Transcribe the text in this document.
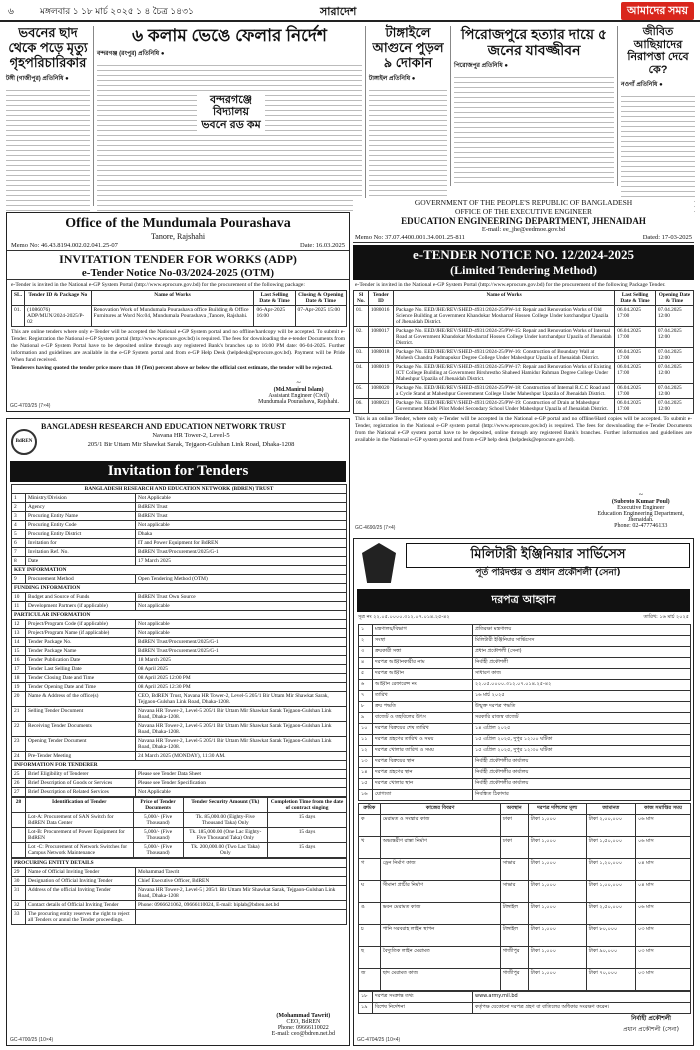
৬	মঙ্গলবার ১ ১৮ মার্চ ২০২৫ ১ ৪ চৈত্র ১৪৩১	সারাদেশ	আমাদের সময়
ভবনের ছাদ থেকে পড়ে মৃত্যু গৃহপরিচারিকার
টঙ্গী (গাজীপুর) প্রতিনিধি ●
৬ কলাম ভেঙে ফেলার নির্দেশ
বন্দরগঞ্জ (রংপুর) প্রতিনিধি ●
বন্দরগঞ্জে বিদ্যালয় ভবনে রড কম
টাঙ্গাইলে আগুনে পুড়ল ৯ দোকান
টাঙ্গাইল প্রতিনিধি ●
পিরোজপুরে হত্যার দায়ে ৫ জনের যাবজ্জীবন
পিরোজপুর প্রতিনিধি ●
জীবিত আছিয়াদের নিরাপত্তা দেবে কে?
নওগাঁ প্রতিনিধি ●
Office of the Mundumala Pourashava
Tanore, Rajshahi
Memo No: 46.43.8194.002.02.041.25-07	Date: 16.03.2025
INVITATION TENDER FOR WORKS (ADP)
e-Tender Notice No-03/2024-2025 (OTM)
e-Tender is invited in the National e-GP System Portal (http://www.eprocure.gov.bd) for the procurement of the following package:
SL.	Tender ID & Package No	Name of Works	Last Selling Date & Time	Closing & Opening Date & Time
01.	(1086076) ADP/MUN/2024-2025/P-02	Renovation Work of Mundumala Pourashava office Building & Office Furnitures at Word No:04, Mundumala Pourashava ,Tanore, Rajshahi.	06-Apr-2025 16:00	07-Apr-2025 15:00
This are online tenders where only e-Tender will be accepted the National e-GP System portal and no offline/hardcopy will be accepted. To submit e-Tender. Registration the National e-GP System portal (http://www.eprocure.gov.bd) is required. The fees for downloading the e-tender Documents from the National e-GP System Portal have to be deposited online through any registered Bank's branches up to 16:00 PM date: 06-04-2025. Further information and guidelines are available in the e-GP System portal and from e-GP Help Desk (helpdesk@eprocure.gov.bd). Payment will be Pride When fund received.
Tenderers having quoted the tender price more than 10 (Ten) percent above or below the official cost estimate, the tender will be rejected.
~
(Md.Manirul Islam)
Assistant Engineer (Civil)
Mundumala Pourashava, Rajshahi.
GC-4703/25 (7×4)
GOVERNMENT OF THE PEOPLE'S REPUBLIC OF BANGLADESH
OFFICE OF THE EXECUTIVE ENGINEER
EDUCATION ENGINEERING DEPARTMENT, JHENAIDAH
E-mail: ee_jhe@eedmoe.gov.bd
Memo No: 37.07.4400.001.34.001.25-811	Dated: 17-03-2025
e-TENDER NOTICE NO. 12/2024-2025
(Limited Tendering Method)
e-Tender is invited in the National e-GP System Portal (http://www.eprocure.gov.bd) for the procurement of the following Package Tender.
Sl No.	Tender ID	Name of Works	Last Selling Date & Time	Opening Date & Time
01.	1080016	Package No. EED/JHE/REV/SHED-4931/2024-25/PW-14: Repair and Renovation Works of Old Science Building at Government Khandokar Mosharraf Hossen College Under kotchandpur Upazila of Jhenaidah District.	06.04.2025 17:00	07.04.2025 12:00
02.	1080017	Package No. EED/JHE/REV/SHED-4931/2024-25/PW-15: Repair and Renovation Works of Internal Road at Government Khandokar Mosharraf Hossen College Under kotchandpur Upazila of Jhenaidah District.	06.04.2025 17:00	07.04.2025 12:00
03.	1080018	Package No. EED/JHE/REV/SHED-4931/2024-25/PW-16: Construction of Boundary Wall at Mohesh Chandra Padmapukur Degree College Under Maheshpur Upazila of Jhenaidah District.	06.04.2025 17:00	07.04.2025 12:00
04.	1080019	Package No. EED/JHE/REV/SHED-4931/2024-25/PW-17: Repair and Renovation Works of Existing ICT College Building at Government Birshrestho Shaheed Hamidur Rahman Degree College Under Maheshpur Upazila of Jhenaidah District.	06.04.2025 17:00	07.04.2025 12:00
05.	1080020	Package No. EED/JHE/REV/SHED-4931/2024-25/PW-18: Construction of Internal R.C.C Road and a Cycle Stand at Maheshpur Government College Under Maheshpur Upazila of Jhenaidah District.	06.04.2025 17:00	07.04.2025 12:00
06.	1080021	Package No. EED/JHE/REV/SHED-4931/2024-25/PW-19: Construction of Drain at Maheshpur Government Model Pilot Model Secondary School Under Maheshpur Upazila of Jhenaidah District.	06.04.2025 17:00	07.04.2025 12:00
This is an online Tender, where only e-Tender will be accepted in the National e-GP portal and no offline/Hard copies will be accepted. To submit e-Tender, registration in the National e-GP system portal (http://www.eprocure.gov.bd) is required. The fees for downloading the e-Tender Documents from the National e-GP system portal have to be deposited, online through any registered Bank's branches. Further information and guidelines are available in the National e-GP system portal and from e-GP help desk (helpdesk@eprocure.gov.bd).
~
(Subroto Kumar Poul)
Executive Engineer
Education Engineering Department,
Jhenaidah.
Phone: 02-477746133
GC-4690/25 (7×4)
BdREN
BANGLADESH RESEARCH AND EDUCATION NETWORK TRUST
Navana HR Tower-2, Level-5
205/1 Bir Uttam Mir Shawkat Sarak, Tejgaon-Gulshan Link Road, Dhaka-1208
Invitation for Tenders
BANGLADESH RESEARCH AND EDUCATION NETWORK (BDREN) TRUST		
1	Ministry/Division	Not Applicable
2	Agency	BdREN Trust
3	Procuring Entity Name	BdREN Trust
4	Procuring Entity Code	Not applicable
5	Procuring Entity District	Dhaka
6	Invitation for	IT and Power Equipment for BdREN
7	Invitation Ref. No.	BdREN Trust/Procurement/2025/G-1
8	Date	17 March 2025
KEY INFORMATION		
9	Procurement Method	Open Tendering Method (OTM)
FUNDING INFORMATION		
10	Budget and Source of Funds	BdREN Trust Own Source
11	Development Partners (if applicable)	Not applicable
PARTICULAR INFORMATION		
12	Project/Program Code (if applicable)	Not applicable
13	Project/Program Name (if applicable)	Not applicable
14	Tender Package No.	BdREN Trust/Procurement/2025/G-1
15	Tender Package Name	BdREN Trust/Procurement/2025/G-1
16	Tender Publication Date	18 March 2025
17	Tender Last Selling Date	08 April 2025
18	Tender Closing Date and Time	08 April 2025 12:00 PM
19	Tender Opening Date and Time	08 April 2025 12:30 PM
20	Name & Address of the office(s)	CEO, BdREN Trust, Navana HR Tower-2, Level-5 205/1 Bir Uttam Mir Shawkat Sarak, Tejgaon-Gulshan Link Road, Dhaka-1208.
21	Selling Tender Document	Navana HR Tower-2, Level-5 205/1 Bir Uttam Mir Shawkat Sarak Tejgaon-Gulshan Link Road, Dhaka-1208.
22	Receiving Tender Documents	Navana HR Tower-2, Level-5 205/1 Bir Uttam Mir Shawkat Sarak Tejgaon-Gulshan Link Road, Dhaka-1208.
23	Opening Tender Document	Navana HR Tower-2, Level-5 205/1 Bir Uttam Mir Shawkat Sarak Tejgaon-Gulshan Link Road, Dhaka-1208.
24	Pre-Tender Meeting	24 March 2025 (MONDAY), 11:30 AM.
INFORMATION FOR TENDERER		
25	Brief Eligibility of Tenderer	Please see Tender Data Sheet
26	Brief Description of Goods or Services	Please see Tender Specification
27	Brief Description of Related Services	Not Applicable
28	Identification of Tender	Price of Tender Documents	Tender Security Amount (Tk)	Completion Time from the date of contract singing
	Lot-A: Procurement of SAN Switch for BdREN Data Center	5,000/- (Five Thousand)	Tk. 85,000.00 (Eighty-Five Thousand Taka) Only	15 days
	Lot-B: Procurement of Power Equipment for BdREN	5,000/- (Five Thousand)	Tk. 185,000.00 (One Lac Eighty-Five Thousand Taka) Only	15 days
	Lot -C: Procurement of Network Switches for Campus Network Maintenance	5,000/- (Five Thousand)	Tk. 200,000.00 (Two Lac Taka) Only	15 days
PROCURING ENTITY DETAILS		
29	Name of Official Inviting Tender	Mohammad Tawrit
30	Designation of Official Inviting Tender	Chief Executive Officer, BdREN
31	Address of the official Inviting Tender	Navana HR Tower-2, Level-5 | 205/1 Bir Uttam Mir Shawkat Sarak, Tejgaon-Gulshan Link Road, Dhaka-1208
32	Contact details of Official Inviting Tender	Phone: 0966621062, 09666110024, E-mail: biplab@bdren.net.bd
33	The procuring entity reserves the right to reject all Tenders or annul the Tender proceedings.	
(Mohammad Tawrit)
CEO, BdREN
Phone: 09666110022
E-mail: ceo@bdren.net.bd
GC-4700/25 (10×4)
মিলিটারী ইঞ্জিনিয়ার সার্ভিসেস
পূর্ত পরিদপ্তর ও প্রধান প্রকৌশলী (সেনা)
দরপত্র আহ্বান
সূত্র নং ২২.০৫.০০০০.৩১২.০৭.০১৪.২৫-৪২	তারিখ: ১৬ মার্চ ২০২৫
১	মন্ত্রণালয়/বিভাগ	প্রতিরক্ষা মন্ত্রণালয়
২	সংস্থা	মিলিটারী ইঞ্জিনিয়ার সার্ভিসেস
৩	ক্রয়কারী সত্তা	প্রধান প্রকৌশলী (সেনা)
৪	দরপত্র আহ্বানকারীর নাম	নির্বাহী প্রকৌশলী
৫	দরপত্র আহ্বান	সাধারণ কাজ
৬	আহ্বান রেফারেন্স নং	২২.০৫.০০০০.৩১২.০৭.০১৪.২৫-৪২
৭	তারিখ	১৬ মার্চ ২০২৫
৮	ক্রয় পদ্ধতি	উন্মুক্ত দরপত্র পদ্ধতি
৯	বাজেট ও তহবিলের উৎস	সরকারি রাজস্ব বাজেট
১০	দরপত্র বিক্রয়ের শেষ তারিখ	১৪ এপ্রিল ২০২৫
১১	দরপত্র গ্রহণের তারিখ ও সময়	১৫ এপ্রিল ২০২৫, দুপুর ১২:০০ ঘটিকা
১২	দরপত্র খোলার তারিখ ও সময়	১৫ এপ্রিল ২০২৫, দুপুর ১২:৩০ ঘটিকা
১৩	দরপত্র বিক্রয়ের স্থান	নির্বাহী প্রকৌশলীর কার্যালয়
১৪	দরপত্র গ্রহণের স্থান	নির্বাহী প্রকৌশলীর কার্যালয়
১৫	দরপত্র খোলার স্থান	নির্বাহী প্রকৌশলীর কার্যালয়
১৬	যোগ্যতা	নিবন্ধিত ঠিকাদার
ক্রমিক	কাজের বিবরণ	অবস্থান	দরপত্র দলিলের মূল্য	জামানত	কাজ সমাপ্তির সময়
ক	মেরামত ও সংস্কার কাজ	ঢাকা	টাকা ১,০০০	টাকা ২,০০,০০০	০৬ মাস
খ	অভ্যন্তরীণ রাস্তা নির্মাণ	ঢাকা	টাকা ১,০০০	টাকা ১,৫০,০০০	০৬ মাস
গ	ড্রেন নির্মাণ কাজ	সাভার	টাকা ১,০০০	টাকা ১,২০,০০০	০৪ মাস
ঘ	সীমানা প্রাচীর নির্মাণ	সাভার	টাকা ১,০০০	টাকা ১,০০,০০০	০৪ মাস
ঙ	ভবন মেরামত কাজ	টাঙ্গাইল	টাকা ১,০০০	টাকা ২,৫০,০০০	০৬ মাস
চ	পানি সরবরাহ লাইন স্থাপন	টাঙ্গাইল	টাকা ১,০০০	টাকা ৮০,০০০	০৩ মাস
ছ	বৈদ্যুতিক লাইন মেরামত	গাজীপুর	টাকা ১,০০০	টাকা ৯০,০০০	০৩ মাস
জ	ছাদ মেরামত কাজ	গাজীপুর	টাকা ১,০০০	টাকা ৭০,০০০	০৩ মাস
১৮	দরপত্র সংক্রান্ত তথ্য	www.army.mil.bd
১৯	বিশেষ নির্দেশনা	কর্তৃপক্ষ যেকোনো দরপত্র গ্রহণ বা বাতিলের অধিকার সংরক্ষণ করেন।
নির্বাহী প্রকৌশলী
প্রধান প্রকৌশলী (সেনা)
GC-4704/25 (10×4)
